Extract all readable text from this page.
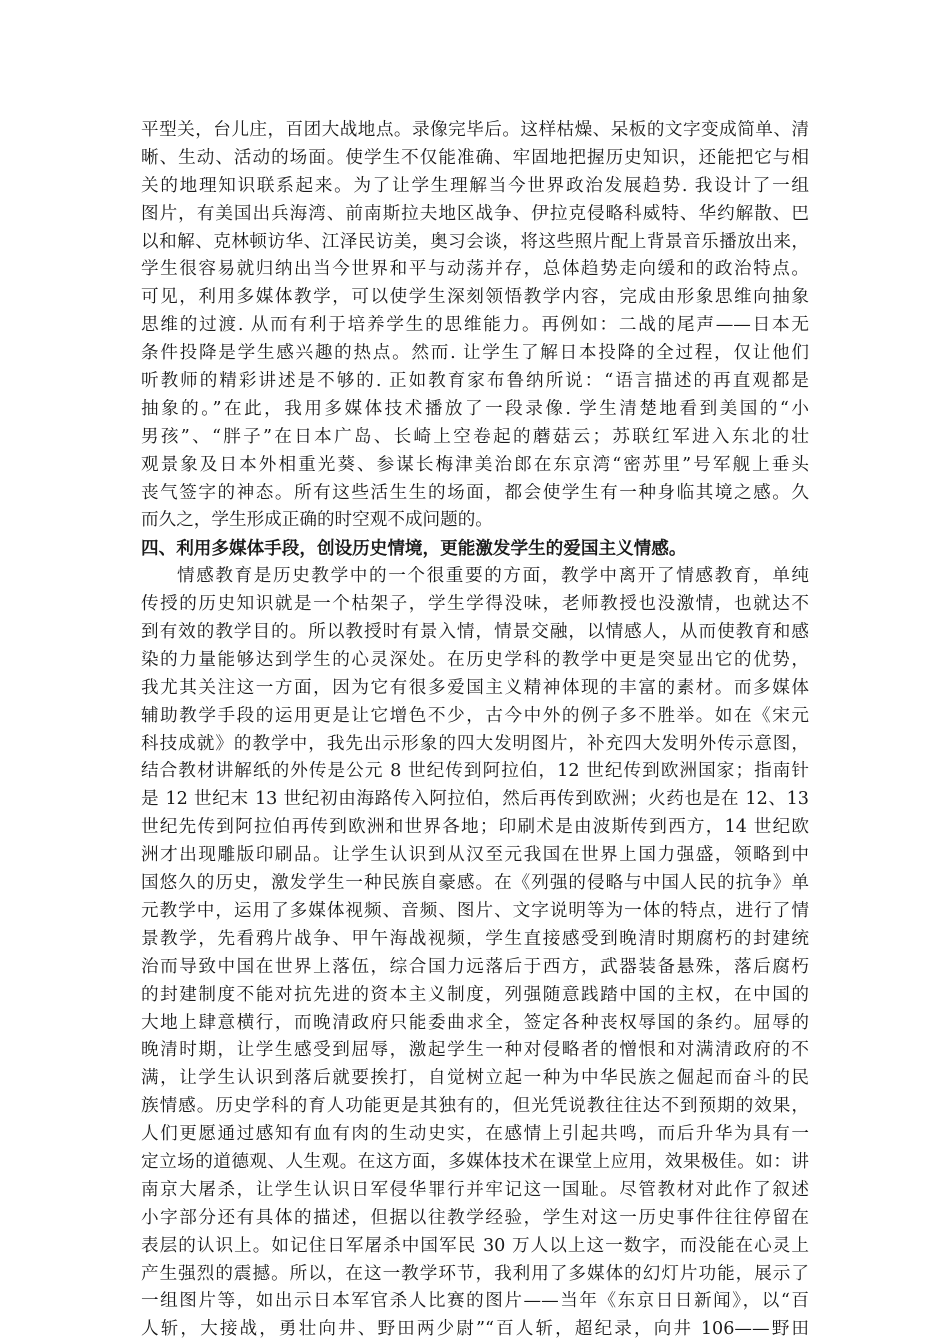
平型关，台儿庄，百团大战地点。录像完毕后。这样枯燥、呆板的文字变成简单、清
晰、生动、活动的场面。使学生不仅能准确、牢固地把握历史知识，还能把它与相
关的地理知识联系起来。为了让学生理解当今世界政治发展趋势. 我设计了一组
图片，有美国出兵海湾、前南斯拉夫地区战争、伊拉克侵略科威特、华约解散、巴
以和解、克林顿访华、江泽民访美，奥习会谈，将这些照片配上背景音乐播放出来，
学生很容易就归纳出当今世界和平与动荡并存，总体趋势走向缓和的政治特点。
可见，利用多媒体教学，可以使学生深刻领悟教学内容，完成由形象思维向抽象
思维的过渡. 从而有利于培养学生的思维能力。再例如：二战的尾声——日本无
条件投降是学生感兴趣的热点。然而. 让学生了解日本投降的全过程，仅让他们
听教师的精彩讲述是不够的. 正如教育家布鲁纳所说：“语言描述的再直观都是
抽象的。”在此，我用多媒体技术播放了一段录像. 学生清楚地看到美国的“小
男孩”、“胖子”在日本广岛、长崎上空卷起的蘑菇云；苏联红军进入东北的壮
观景象及日本外相重光葵、参谋长梅津美治郎在东京湾“密苏里”号军舰上垂头
丧气签字的神态。所有这些活生生的场面，都会使学生有一种身临其境之感。久
而久之，学生形成正确的时空观不成问题的。
四、利用多媒体手段，创设历史情境，更能激发学生的爱国主义情感。
情感教育是历史教学中的一个很重要的方面，教学中离开了情感教育，单纯
传授的历史知识就是一个枯架子，学生学得没味，老师教授也没激情，也就达不
到有效的教学目的。所以教授时有景入情，情景交融，以情感人，从而使教育和感
染的力量能够达到学生的心灵深处。在历史学科的教学中更是突显出它的优势，
我尤其关注这一方面，因为它有很多爱国主义精神体现的丰富的素材。而多媒体
辅助教学手段的运用更是让它增色不少，古今中外的例子多不胜举。如在《宋元
科技成就》的教学中，我先出示形象的四大发明图片，补充四大发明外传示意图，
结合教材讲解纸的外传是公元 8 世纪传到阿拉伯，12 世纪传到欧洲国家；指南针
是 12 世纪末 13 世纪初由海路传入阿拉伯，然后再传到欧洲；火药也是在 12、13
世纪先传到阿拉伯再传到欧洲和世界各地；印刷术是由波斯传到西方，14 世纪欧
洲才出现雕版印刷品。让学生认识到从汉至元我国在世界上国力强盛，领略到中
国悠久的历史，激发学生一种民族自豪感。在《列强的侵略与中国人民的抗争》单
元教学中，运用了多媒体视频、音频、图片、文字说明等为一体的特点，进行了情
景教学，先看鸦片战争、甲午海战视频，学生直接感受到晚清时期腐朽的封建统
治而导致中国在世界上落伍，综合国力远落后于西方，武器装备悬殊，落后腐朽
的封建制度不能对抗先进的资本主义制度，列强随意践踏中国的主权，在中国的
大地上肆意横行，而晚清政府只能委曲求全，签定各种丧权辱国的条约。屈辱的
晚清时期，让学生感受到屈辱，激起学生一种对侵略者的憎恨和对满清政府的不
满，让学生认识到落后就要挨打，自觉树立起一种为中华民族之倔起而奋斗的民
族情感。历史学科的育人功能更是其独有的，但光凭说教往往达不到预期的效果，
人们更愿通过感知有血有肉的生动史实，在感情上引起共鸣，而后升华为具有一
定立场的道德观、人生观。在这方面，多媒体技术在课堂上应用，效果极佳。如：讲
南京大屠杀，让学生认识日军侵华罪行并牢记这一国耻。尽管教材对此作了叙述
小字部分还有具体的描述，但据以往教学经验，学生对这一历史事件往往停留在
表层的认识上。如记住日军屠杀中国军民 30 万人以上这一数字，而没能在心灵上
产生强烈的震撼。所以，在这一教学环节，我利用了多媒体的幻灯片功能，展示了
一组图片等，如出示日本军官杀人比赛的图片——当年《东京日日新闻》，以“百
人斩，大接战，勇壮向井、野田两少尉”“百人斩，超纪录，向井 106——野田
